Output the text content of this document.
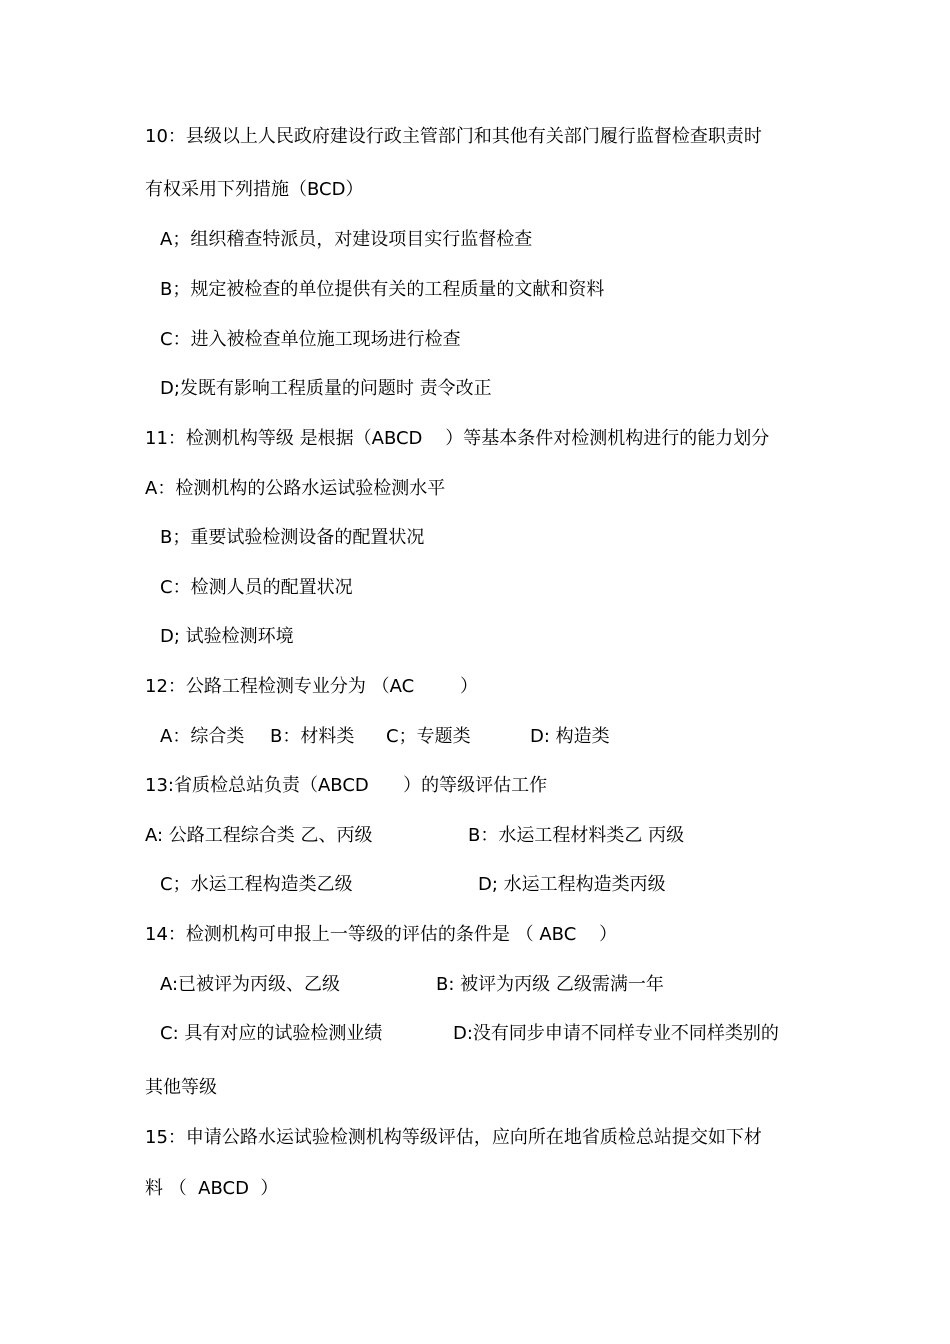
10：县级以上人民政府建设行政主管部门和其他有关部门履行监督检查职责时
有权采用下列措施（BCD）
A；组织稽查特派员，对建设项目实行监督检查
B；规定被检查的单位提供有关的工程质量的文献和资料
C：进入被检查单位施工现场进行检查
D;发既有影响工程质量的问题时 责令改正
11：检测机构等级 是根据（ABCD    ）等基本条件对检测机构进行的能力划分
A：检测机构的公路水运试验检测水平
B；重要试验检测设备的配置状况
C：检测人员的配置状况
D; 试验检测环境
12：公路工程检测专业分为 （AC        ）
A：综合类 B：材料类 C；专题类	D: 构造类
13:省质检总站负责（ABCD      ）的等级评估工作
A: 公路工程综合类 乙、丙级	B：水运工程材料类乙 丙级
C；水运工程构造类乙级	D; 水运工程构造类丙级
14：检测机构可申报上一等级的评估的条件是 （ ABC    ）
A:已被评为丙级、乙级	B: 被评为丙级 乙级需满一年
C: 具有对应的试验检测业绩	D:没有同步申请不同样专业不同样类别的
其他等级
15：申请公路水运试验检测机构等级评估，应向所在地省质检总站提交如下材
料 （  ABCD  ）
